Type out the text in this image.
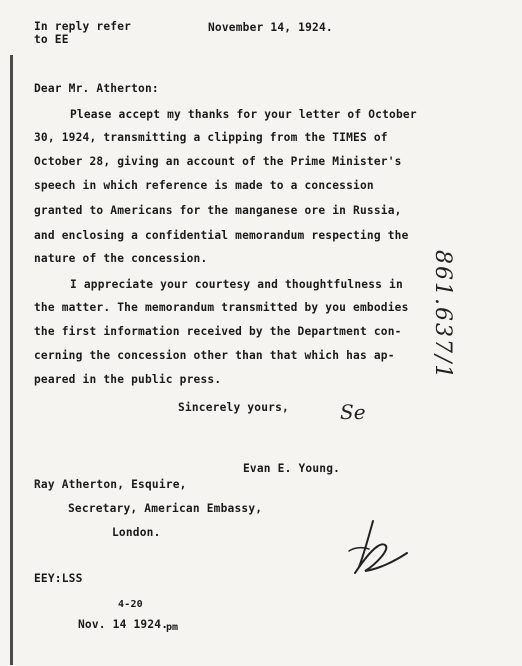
In reply refer
to EE
November 14, 1924.
Dear Mr. Atherton:
Please accept my thanks for your letter of October
30, 1924, transmitting a clipping from the TIMES of
October 28, giving an account of the Prime Minister's
speech in which reference is made to a concession
granted to Americans for the manganese ore in Russia,
and enclosing a confidential memorandum respecting the
nature of the concession.
I appreciate your courtesy and thoughtfulness in
the matter. The memorandum transmitted by you embodies
the first information received by the Department con-
cerning the concession other than that which has ap-
peared in the public press.
Sincerely yours,	Se
Evan E. Young.
Ray Atherton, Esquire,
Secretary, American Embassy,
London.
EEY:LSS
4-20
Nov. 14 1924.
pm
861.637/1
